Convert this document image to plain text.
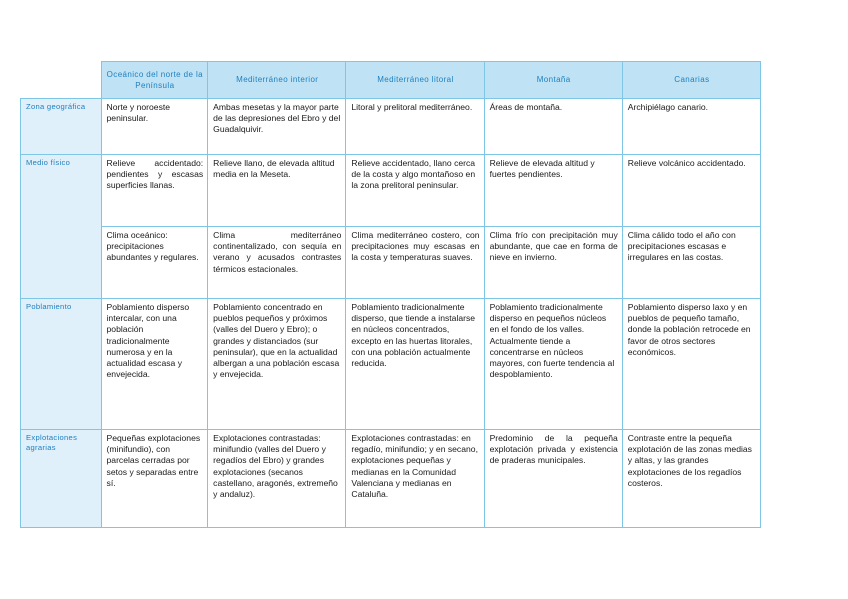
	Oceánico del norte de la Península	Mediterráneo interior	Mediterráneo litoral	Montaña	Canarias
Zona geográfica	Norte y noroeste peninsular.	Ambas mesetas y la mayor parte de las depresiones del Ebro y del Guadalquivir.	Litoral y prelitoral mediterráneo.	Áreas de montaña.	Archipiélago canario.
Medio físico	Relieve accidentado: pendientes y escasas superficies llanas.	Relieve llano, de elevada altitud media en la Meseta.	Relieve accidentado, llano cerca de la costa y algo montañoso en la zona prelitoral peninsular.	Relieve de elevada altitud y fuertes pendientes.	Relieve volcánico accidentado.
	Clima oceánico: precipitaciones abundantes y regulares.	Clima mediterráneo continentalizado, con sequía en verano y acusados contrastes térmicos estacionales.	Clima mediterráneo costero, con precipitaciones muy escasas en la costa y temperaturas suaves.	Clima frío con precipitación muy abundante, que cae en forma de nieve en invierno.	Clima cálido todo el año con precipitaciones escasas e irregulares en las costas.
Poblamiento	Poblamiento disperso intercalar, con una población tradicionalmente numerosa y en la actualidad escasa y envejecida.	Poblamiento concentrado en pueblos pequeños y próximos (valles del Duero y Ebro); o grandes y distanciados (sur peninsular), que en la actualidad albergan a una población escasa y envejecida.	Poblamiento tradicionalmente disperso, que tiende a instalarse en núcleos concentrados, excepto en las huertas litorales, con una población actualmente reducida.	Poblamiento tradicionalmente disperso en pequeños núcleos en el fondo de los valles. Actualmente tiende a concentrarse en núcleos mayores, con fuerte tendencia al despoblamiento.	Poblamiento disperso laxo y en pueblos de pequeño tamaño, donde la población retrocede en favor de otros sectores económicos.
Explotaciones agrarias	Pequeñas explotaciones (minifundio), con parcelas cerradas por setos y separadas entre sí.	Explotaciones contrastadas: minifundio (valles del Duero y regadíos del Ebro) y grandes explotaciones (secanos castellano, aragonés, extremeño y andaluz).	Explotaciones contrastadas: en regadío, minifundio; y en secano, explotaciones pequeñas y medianas en la Comunidad Valenciana y medianas en Cataluña.	Predominio de la pequeña explotación privada y existencia de praderas municipales.	Contraste entre la pequeña explotación de las zonas medias y altas, y las grandes explotaciones de los regadíos costeros.
